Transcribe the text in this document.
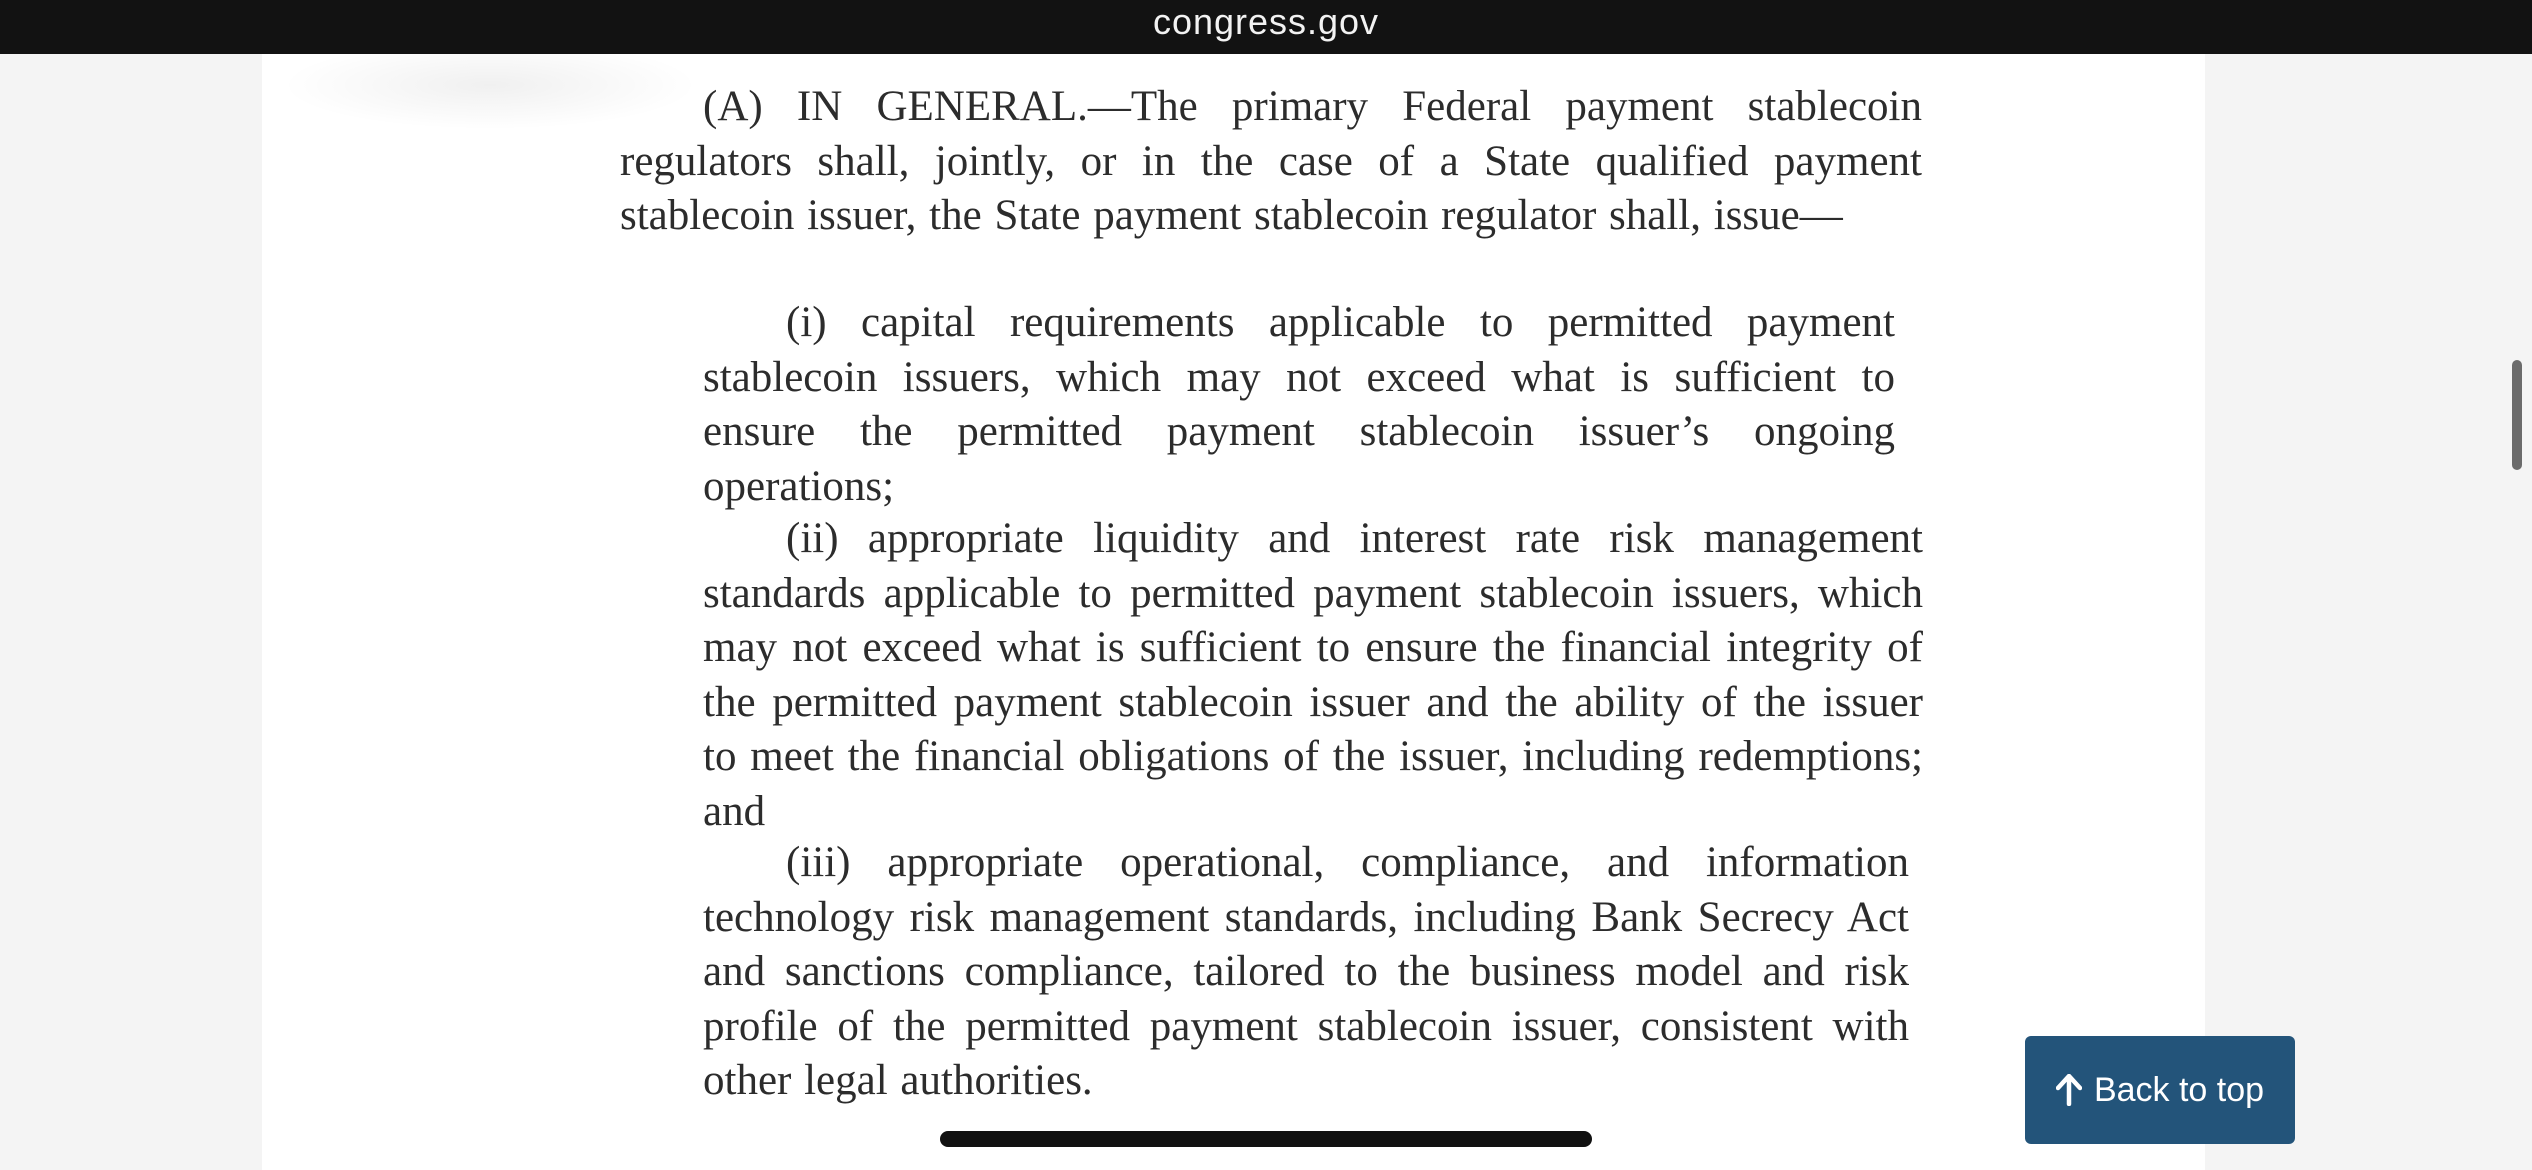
congress.gov

(A) IN GENERAL.—The primary Federal payment stablecoin regulators shall, jointly, or in the case of a State qualified payment stablecoin issuer, the State payment stablecoin regulator shall, issue—

(i) capital requirements applicable to permitted payment stablecoin issuers, which may not exceed what is sufficient to ensure the permitted payment stablecoin issuer’s ongoing operations;

(ii) appropriate liquidity and interest rate risk management standards applicable to permitted payment stablecoin issuers, which may not exceed what is sufficient to ensure the financial integrity of the permitted payment stablecoin issuer and the ability of the issuer to meet the financial obligations of the issuer, including redemptions; and

(iii) appropriate operational, compliance, and information technology risk management standards, including Bank Secrecy Act and sanctions compliance, tailored to the business model and risk profile of the permitted payment stablecoin issuer, consistent with other legal authorities.	Back to top
